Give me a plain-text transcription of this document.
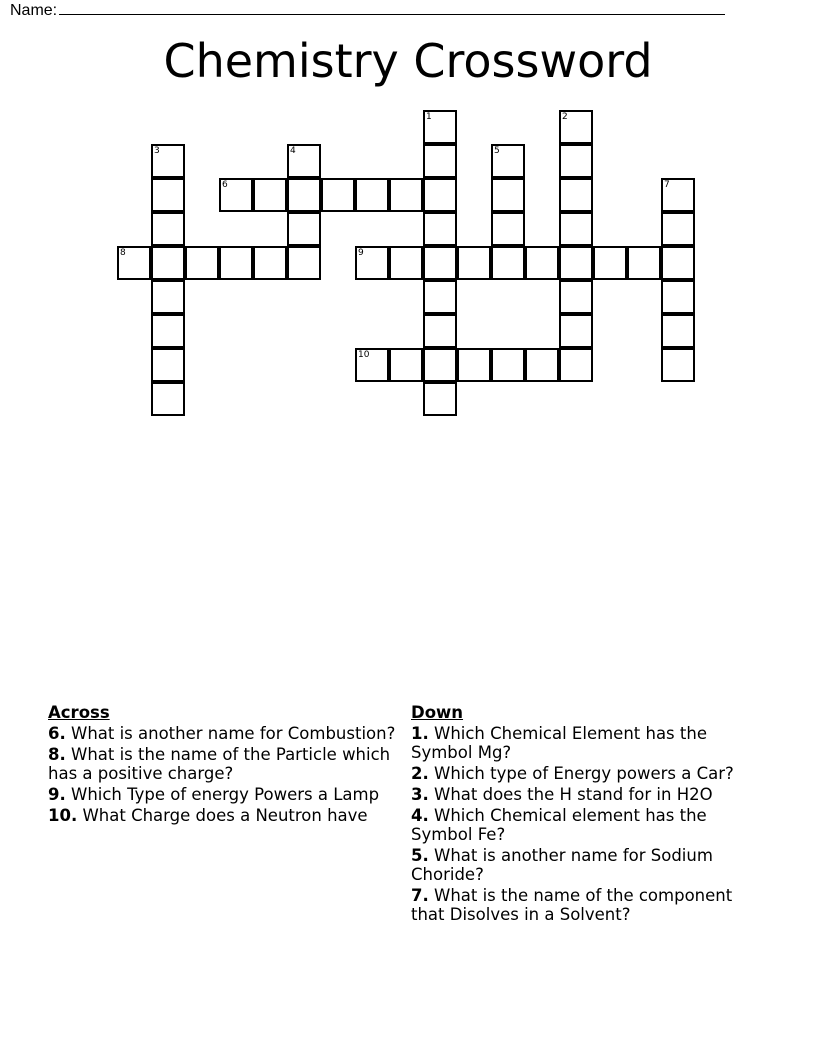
Name:
Chemistry Crossword
1	2
3	4	5
6	7
8	9
10
Across
6. What is another name for Combustion?
8. What is the name of the Particle which has a positive charge?
9. Which Type of energy Powers a Lamp
10. What Charge does a Neutron have
Down
1. Which Chemical Element has the Symbol Mg?
2. Which type of Energy powers a Car?
3. What does the H stand for in H2O
4. Which Chemical element has the Symbol Fe?
5. What is another name for Sodium Choride?
7. What is the name of the component that Disolves in a Solvent?
